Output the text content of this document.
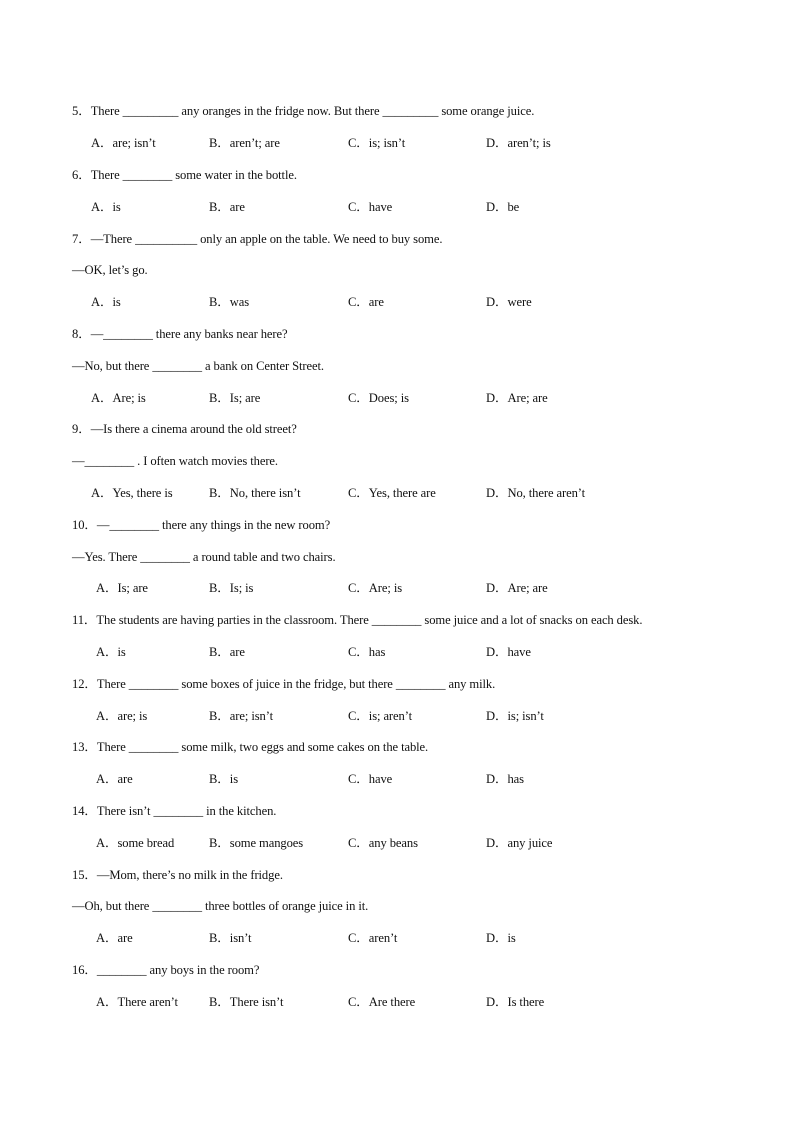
5．There _________ any oranges in the fridge now. But there _________ some orange juice.
6．There ________ some water in the bottle.
7．—There __________ only an apple on the table. We need to buy some.
—OK, let’s go.
8．—________ there any banks near here?
—No, but there ________ a bank on Center Street.
9．—Is there a cinema around the old street?
—________ . I often watch movies there.
10．—________ there any things in the new room?
—Yes. There ________ a round table and two chairs.
11．The students are having parties in the classroom. There ________ some juice and a lot of snacks on each desk.
12．There ________ some boxes of juice in the fridge, but there ________ any milk.
13．There ________ some milk, two eggs and some cakes on the table.
14．There isn’t ________ in the kitchen.
15．—Mom, there’s no milk in the fridge.
—Oh, but there ________ three bottles of orange juice in it.
16．________ any boys in the room?
A．are; isn’t	B．aren’t; are	C．is; isn’t	D．aren’t; is
A．is	B．are	C．have	D．be
A．is	B．was	C．are	D．were
A．Are; is	B．Is; are	C．Does; is	D．Are; are
A．Yes, there is	B．No, there isn’t	C．Yes, there are	D．No, there aren’t
A．Is; are	B．Is; is	C．Are; is	D．Are; are
A．is	B．are	C．has	D．have
A．are; is	B．are; isn’t	C．is; aren’t	D．is; isn’t
A．are	B．is	C．have	D．has
A．some bread	B．some mangoes	C．any beans	D．any juice
A．are	B．isn’t	C．aren’t	D．is
A．There aren’t B．There isn’t	C．Are there	D．Is there
